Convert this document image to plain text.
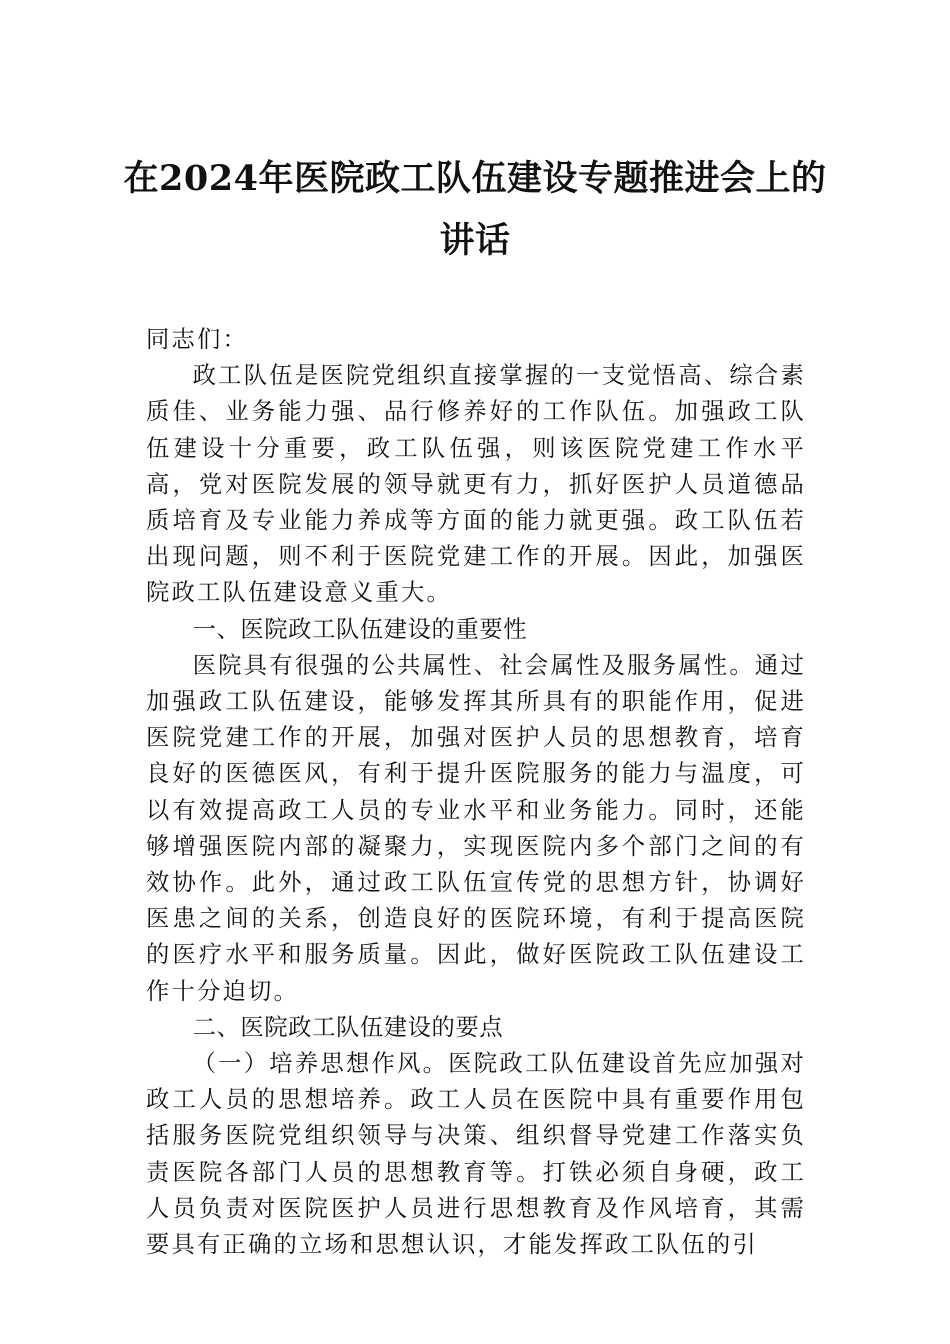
在2024年医院政工队伍建设专题推进会上的讲话

同志们：

政工队伍是医院党组织直接掌握的一支觉悟高、综合素质佳、业务能力强、品行修养好的工作队伍。加强政工队伍建设十分重要，政工队伍强，则该医院党建工作水平高，党对医院发展的领导就更有力，抓好医护人员道德品质培育及专业能力养成等方面的能力就更强。政工队伍若出现问题，则不利于医院党建工作的开展。因此，加强医院政工队伍建设意义重大。

一、医院政工队伍建设的重要性

医院具有很强的公共属性、社会属性及服务属性。通过加强政工队伍建设，能够发挥其所具有的职能作用，促进医院党建工作的开展，加强对医护人员的思想教育，培育良好的医德医风，有利于提升医院服务的能力与温度，可以有效提高政工人员的专业水平和业务能力。同时，还能够增强医院内部的凝聚力，实现医院内多个部门之间的有效协作。此外，通过政工队伍宣传党的思想方针，协调好医患之间的关系，创造良好的医院环境，有利于提高医院的医疗水平和服务质量。因此，做好医院政工队伍建设工作十分迫切。

二、医院政工队伍建设的要点

（一）培养思想作风。医院政工队伍建设首先应加强对政工人员的思想培养。政工人员在医院中具有重要作用包括服务医院党组织领导与决策、组织督导党建工作落实负责医院各部门人员的思想教育等。打铁必须自身硬，政工人员负责对医院医护人员进行思想教育及作风培育，其需要具有正确的立场和思想认识，才能发挥政工队伍的引
